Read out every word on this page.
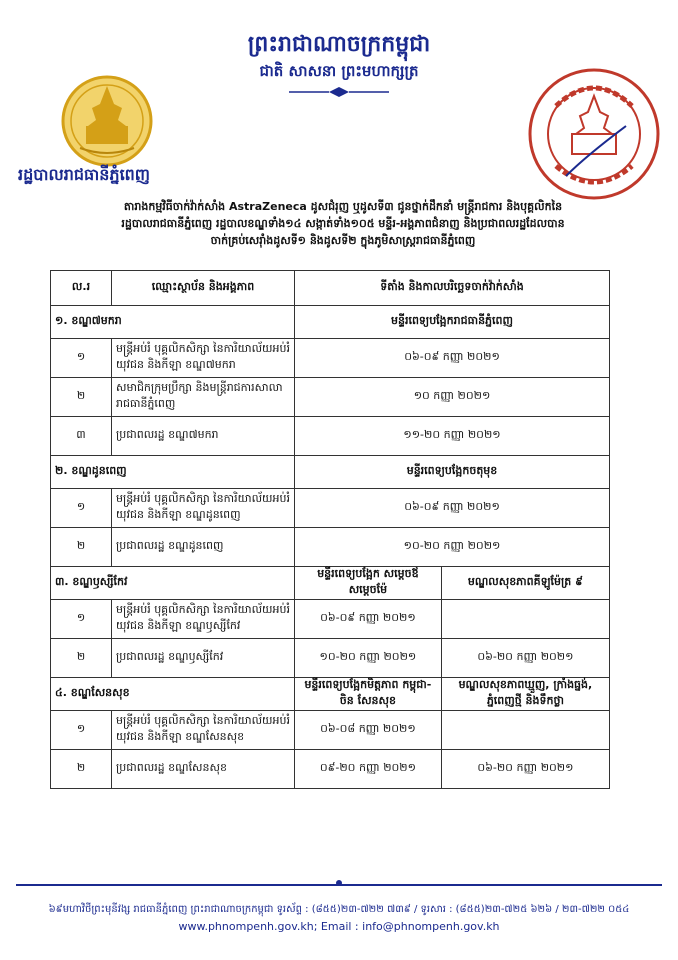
ព្រះរាជាណាចក្រកម្ពុជា
ជាតិ សាសនា ព្រះមហាក្សត្រ
រដ្ឋបាលរាជធានីភ្នំពេញ
តារាងកម្មវិធីចាក់វ៉ាក់សាំង AstraZeneca ដូសជំរុញ ឬដូសទី៣ ជូនថ្នាក់ដឹកនាំ មន្ត្រីរាជការ និងបុគ្គលិកនៃ
រដ្ឋបាលរាជធានីភ្នំពេញ រដ្ឋបាលខណ្ឌទាំង១៤ សង្កាត់ទាំង១០៥ មន្ទីរ-អង្គភាពជំនាញ និងប្រជាពលរដ្ឋដែលបាន
ចាក់គ្រប់សេរ៉ាំងដូសទី១ និងដូសទី២ ក្នុងភូមិសាស្ត្ររាជធានីភ្នំពេញ
ល.រ	ឈ្មោះស្ថាប័ន និងអង្គភាព	ទីតាំង និងកាលបរិច្ឆេទចាក់វ៉ាក់សាំង	
១. ខណ្ឌ៧មករា		មន្ទីរពេទ្យបង្អែករាជធានីភ្នំពេញ	
១	មន្ត្រីអប់រំ បុគ្គលិកសិក្សា នៃការិយាល័យអប់រំ យុវជន និងកីឡា ខណ្ឌ៧មករា	០៦-០៩ កញ្ញា ២០២១	
២	សមាជិកក្រុមប្រឹក្សា និងមន្ត្រីរាជការសាលារាជធានីភ្នំពេញ	១០ កញ្ញា ២០២១	
៣	ប្រជាពលរដ្ឋ ខណ្ឌ៧មករា	១១-២០ កញ្ញា ២០២១	
២. ខណ្ឌដូនពេញ		មន្ទីរពេទ្យបង្អែកចតុមុខ	
១	មន្ត្រីអប់រំ បុគ្គលិកសិក្សា នៃការិយាល័យអប់រំ យុវជន និងកីឡា ខណ្ឌដូនពេញ	០៦-០៩ កញ្ញា ២០២១	
២	ប្រជាពលរដ្ឋ ខណ្ឌដូនពេញ	១០-២០ កញ្ញា ២០២១	
៣. ខណ្ឌឫស្សីកែវ		មន្ទីរពេទ្យបង្អែក សម្ដេចឪ សម្ដេចម៉ែ	មណ្ឌលសុខភាពគីឡូម៉ែត្រ ៩
១	មន្ត្រីអប់រំ បុគ្គលិកសិក្សា នៃការិយាល័យអប់រំ យុវជន និងកីឡា ខណ្ឌឫស្សីកែវ	០៦-០៩ កញ្ញា ២០២១	
២	ប្រជាពលរដ្ឋ ខណ្ឌឫស្សីកែវ	១០-២០ កញ្ញា ២០២១	០៦-២០ កញ្ញា ២០២១
៤. ខណ្ឌសែនសុខ		មន្ទីរពេទ្យបង្អែកមិត្តភាព កម្ពុជា-ចិន សែនសុខ	មណ្ឌលសុខភាពឃ្មួញ, ក្រាំងធ្នង់, ភ្នំពេញថ្មី និងទឹកថ្លា
១	មន្ត្រីអប់រំ បុគ្គលិកសិក្សា នៃការិយាល័យអប់រំ យុវជន និងកីឡា ខណ្ឌសែនសុខ	០៦-០៨ កញ្ញា ២០២១	
២	ប្រជាពលរដ្ឋ ខណ្ឌសែនសុខ	០៩-២០ កញ្ញា ២០២១	០៦-២០ កញ្ញា ២០២១
៦៩មហាវិថីព្រះមុនីវង្ស រាជធានីភ្នំពេញ ព្រះរាជាណាចក្រកម្ពុជា ទូរស័ព្ទ : (៨៥៥)២៣-៧២២ ៧៣៩ / ទូរសារ : (៨៥៥)២៣-៧២៥ ៦២៦ / ២៣-៧២២ ០៥៤
www.phnompenh.gov.kh; Email : info@phnompenh.gov.kh
